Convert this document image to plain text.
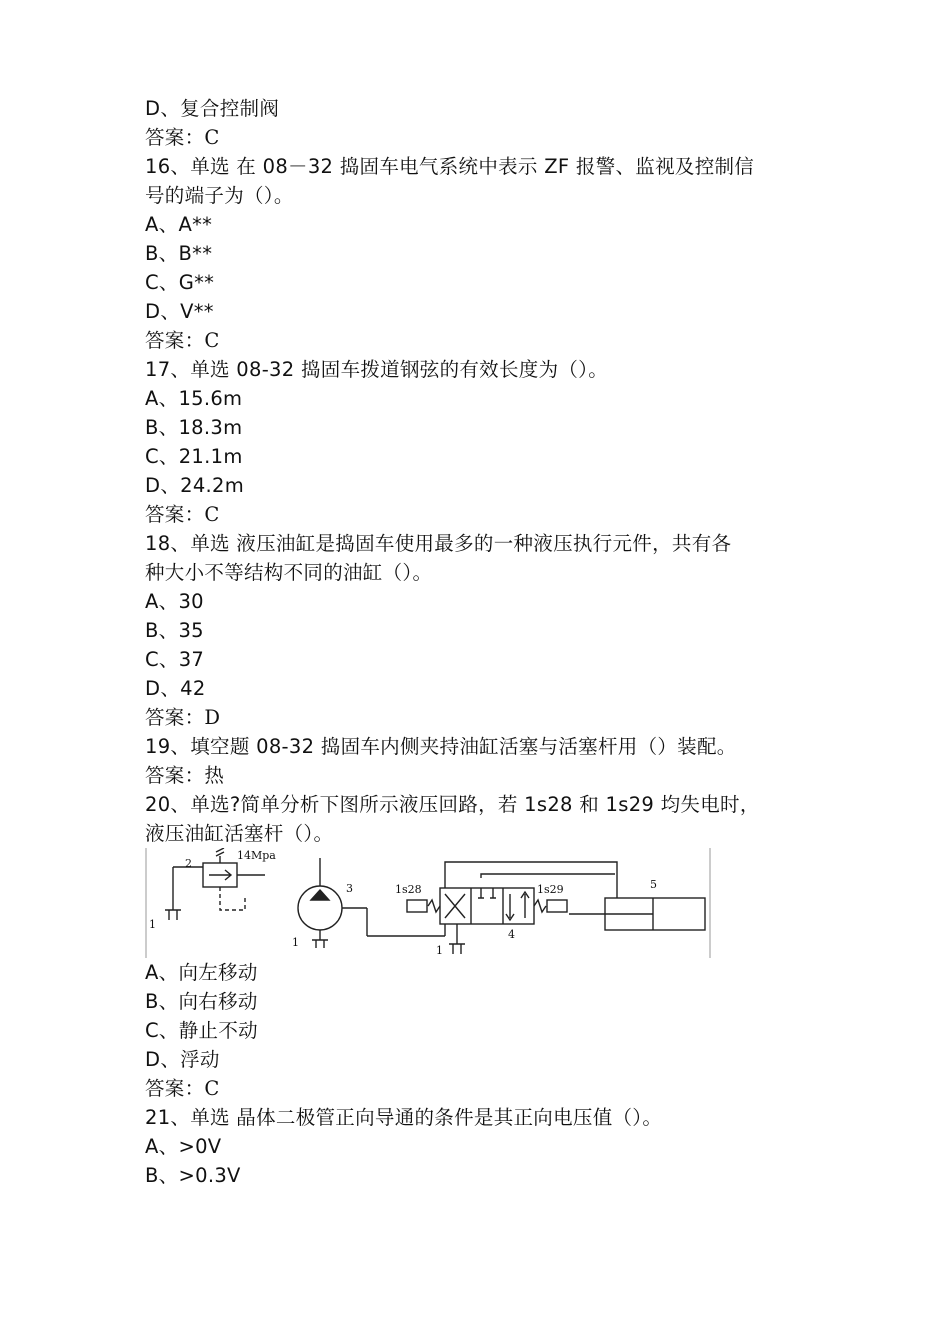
D、复合控制阀
答案：C
16、单选 在 08－32 捣固车电气系统中表示 ZF 报警、监视及控制信
号的端子为（）。
A、A**
B、B**
C、G**
D、V**
答案：C
17、单选 08-32 捣固车拨道钢弦的有效长度为（）。
A、15.6m
B、18.3m
C、21.1m
D、24.2m
答案：C
18、单选 液压油缸是捣固车使用最多的一种液压执行元件，共有各
种大小不等结构不同的油缸（）。
A、30
B、35
C、37
D、42
答案：D
19、填空题 08-32 捣固车内侧夹持油缸活塞与活塞杆用（）装配。
答案：热
20、单选?简单分析下图所示液压回路，若 1s28 和 1s29 均失电时，
液压油缸活塞杆（）。
2
14Mpa
3
1
1
1
1s28	1s29
4
5
A、向左移动
B、向右移动
C、静止不动
D、浮动
答案：C
21、单选 晶体二极管正向导通的条件是其正向电压值（）。
A、>0V
B、>0.3V
